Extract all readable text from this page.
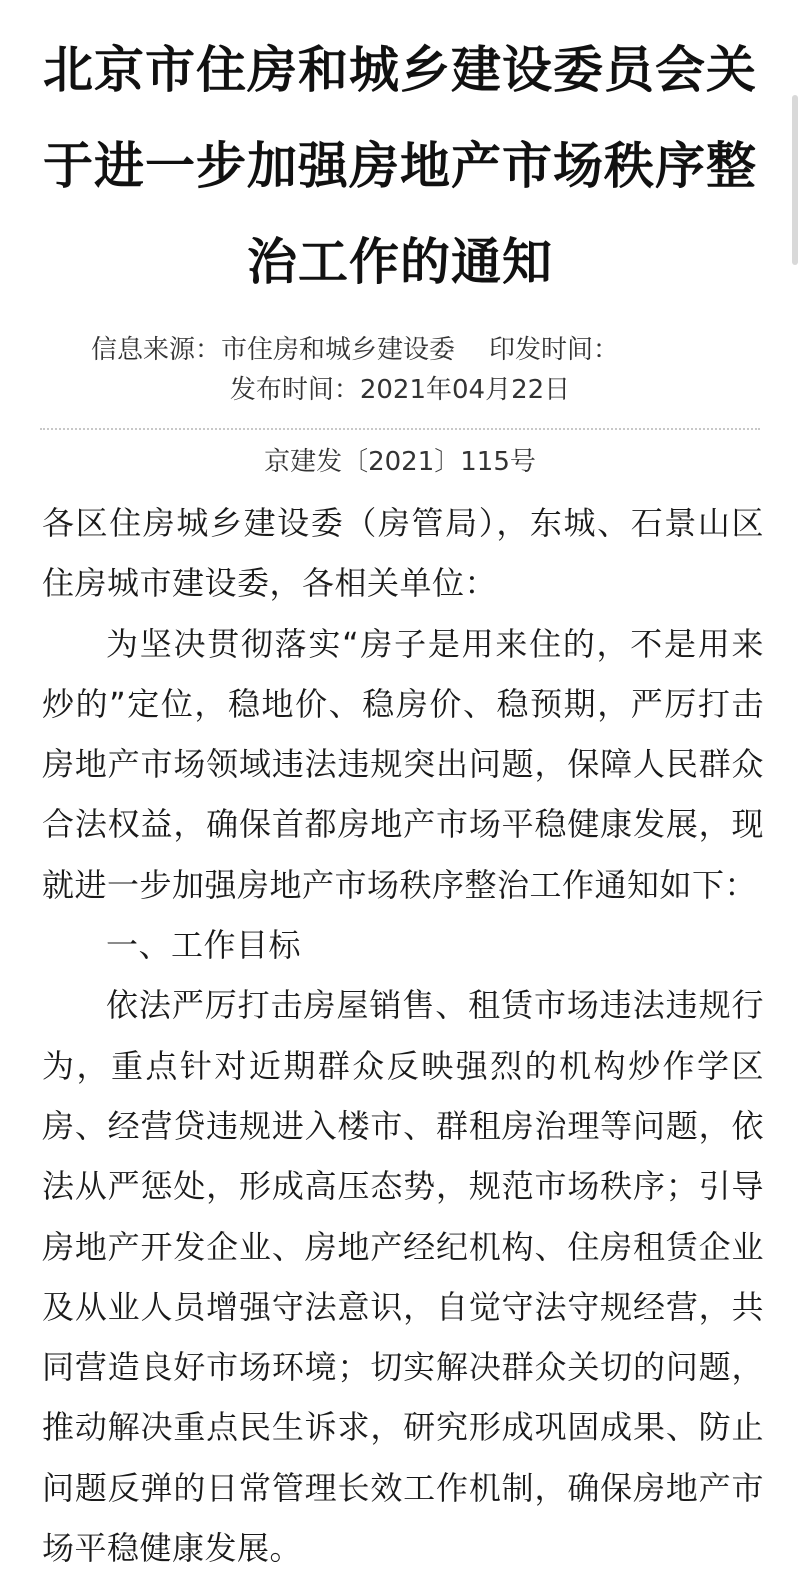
北京市住房和城乡建设委员会关于进一步加强房地产市场秩序整治工作的通知
信息来源：市住房和城乡建设委 印发时间：发布时间：2021年04月22日
京建发〔2021〕115号

各区住房城乡建设委（房管局），东城、石景山区住房城市建设委，各相关单位：

为坚决贯彻落实“房子是用来住的，不是用来炒的”定位，稳地价、稳房价、稳预期，严厉打击房地产市场领域违法违规突出问题，保障人民群众合法权益，确保首都房地产市场平稳健康发展，现就进一步加强房地产市场秩序整治工作通知如下：

一、工作目标

依法严厉打击房屋销售、租赁市场违法违规行为，重点针对近期群众反映强烈的机构炒作学区房、经营贷违规进入楼市、群租房治理等问题，依法从严惩处，形成高压态势，规范市场秩序；引导房地产开发企业、房地产经纪机构、住房租赁企业及从业人员增强守法意识，自觉守法守规经营，共同营造良好市场环境；切实解决群众关切的问题，推动解决重点民生诉求，研究形成巩固成果、防止问题反弹的日常管理长效工作机制，确保房地产市场平稳健康发展。
